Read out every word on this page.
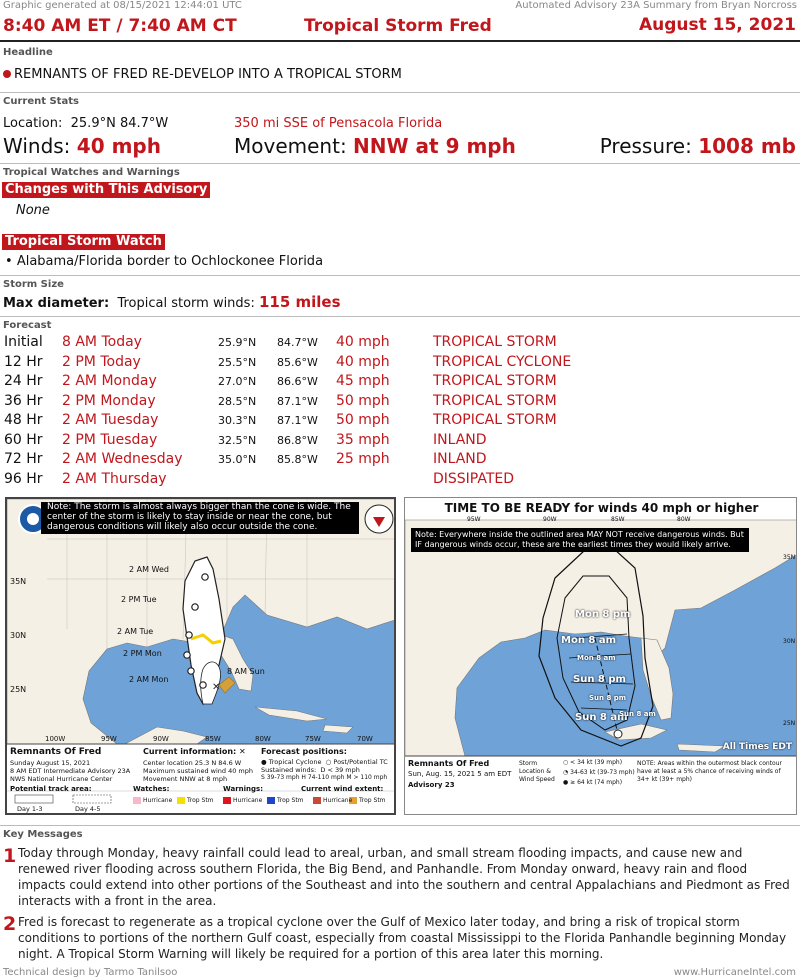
Graphic generated at 08/15/2021 12:44:01 UTC	Automated Advisory 23A Summary from Bryan Norcross
8:40 AM ET / 7:40 AM CT	Tropical Storm Fred	August 15, 2021
Headline
REMNANTS OF FRED RE-DEVELOP INTO A TROPICAL STORM
Current Stats
Location: 25.9°N 84.7°W	350 mi SSE of Pensacola Florida
Winds: 40 mph	Movement: NNW at 9 mph	Pressure: 1008 mb
Tropical Watches and Warnings
Changes with This Advisory
None
Tropical Storm Watch
• Alabama/Florida border to Ochlockonee Florida
Storm Size
Max diameter: Tropical storm winds: 115 miles
Forecast
Initial 8 AM Today	25.9°N 84.7°W 40 mph	TROPICAL STORM
12 Hr 2 PM Today	25.5°N 85.6°W 40 mph	TROPICAL CYCLONE
24 Hr 2 AM Monday	27.0°N 86.6°W 45 mph	TROPICAL STORM
36 Hr 2 PM Monday	28.5°N 87.1°W 50 mph	TROPICAL STORM
48 Hr 2 AM Tuesday	30.3°N 87.1°W 50 mph	TROPICAL STORM
60 Hr 2 PM Tuesday	32.5°N 86.8°W 35 mph	INLAND
72 Hr 2 AM Wednesday	35.0°N 85.8°W 25 mph	INLAND
96 Hr 2 AM Thursday	DISSIPATED
✕
Note: The storm is almost always bigger than the cone is wide. The center of the storm is likely to stay inside or near the cone, but dangerous conditions will likely also occur outside the cone.
2 AM Wed
2 PM Tue
2 AM Tue
2 PM Mon
2 AM Mon
8 AM Sun
35N
30N
25N
100W	95W	90W	85W	80W	75W	70W
Remnants Of Fred
Sunday August 15, 2021
8 AM EDT Intermediate Advisory 23A
NWS National Hurricane Center
Current information: ✕
Center location 25.3 N 84.6 W
Maximum sustained wind 40 mph
Movement NNW at 8 mph
Forecast positions:
● Tropical Cyclone  ○ Post/Potential TC
Sustained winds: D < 39 mph
S 39-73 mph H 74-110 mph M > 110 mph
Potential track area:
Day 1-3	Day 4-5
Watches:
Hurricane Trop Stm
Warnings:
Hurricane Trop Stm
Current wind extent:
Hurricane Trop Stm
TIME TO BE READY for winds 40 mph or higher
Note: Everywhere inside the outlined area MAY NOT receive dangerous winds. But IF dangerous winds occur, these are the earliest times they would likely arrive.
95W	90W	85W	80W
35N
30N
25N
Mon 8 pm
Mon 8 am
Mon 8 am
Sun 8 pm
Sun 8 am
Sun 8 pm
Sun 8 am
All Times EDT
Remnants Of Fred
Sun, Aug. 15, 2021 5 am EDT
Advisory 23
Storm Location & Wind Speed
○ < 34 kt (39 mph)
◔ 34-63 kt (39-73 mph)
● ≥ 64 kt (74 mph)
NOTE: Areas within the outermost black contour have at least a 5% chance of receiving winds of 34+ kt (39+ mph)
Key Messages
1 Today through Monday, heavy rainfall could lead to areal, urban, and small stream flooding impacts, and cause new and renewed river flooding across southern Florida, the Big Bend, and Panhandle. From Monday onward, heavy rain and flood impacts could extend into other portions of the Southeast and into the southern and central Appalachians and Piedmont as Fred interacts with a front in the area.
2 Fred is forecast to regenerate as a tropical cyclone over the Gulf of Mexico later today, and bring a risk of tropical storm conditions to portions of the northern Gulf coast, especially from coastal Mississippi to the Florida Panhandle beginning Monday night. A Tropical Storm Warning will likely be required for a portion of this area later this morning.
Technical design by Tarmo Tanilsoo	www.HurricaneIntel.com
